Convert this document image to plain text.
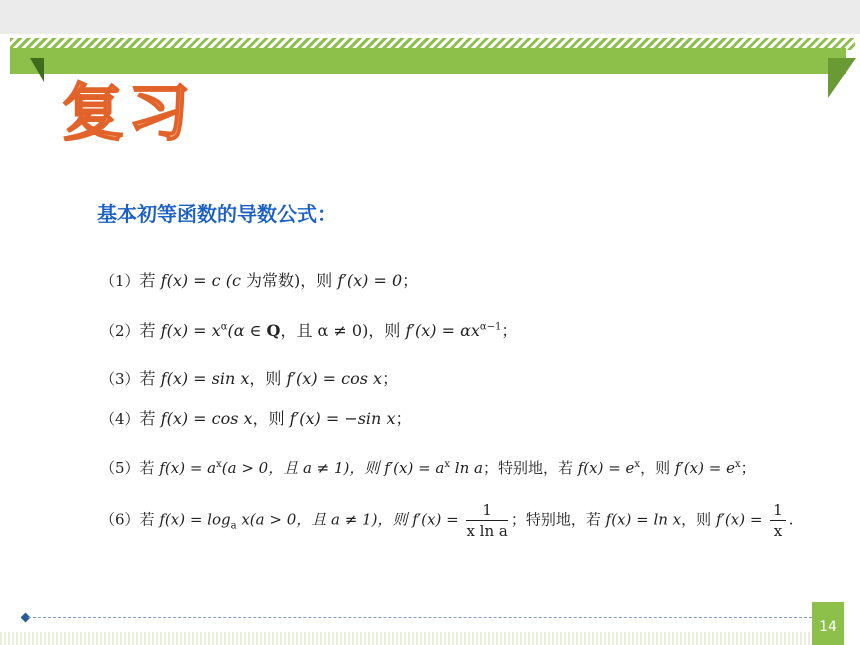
复习
基本初等函数的导数公式：
（1）若 f(x) = c (c 为常数)，则 f′(x) = 0；
（2）若 $f(x) = x^\alpha(\alpha$ ∈ Q，且 α ≠ 0)，则 $f'(x) = \alpha x^{\alpha-1}$；
（3）若 f(x) = sin x，则 f′(x) = cos x；
（4）若 f(x) = cos x，则 f′(x) = −sin x；
（5）若 $f(x) = a^x(a > 0$，且 a ≠ 1)，则 $f'(x) = a^x$ ln a；特别地，若 $f(x) = e^x$，则 $f'(x) = e^x$；
（6）若 $f(x) = \log_a x(a > 0$，且 a ≠ 1)，则 $f'(x) = \frac{1}{\text{x ln a}}$ ；特别地，若 f(x) = ln x，则 $f'(x) = \frac{1}{x}$ .
14
